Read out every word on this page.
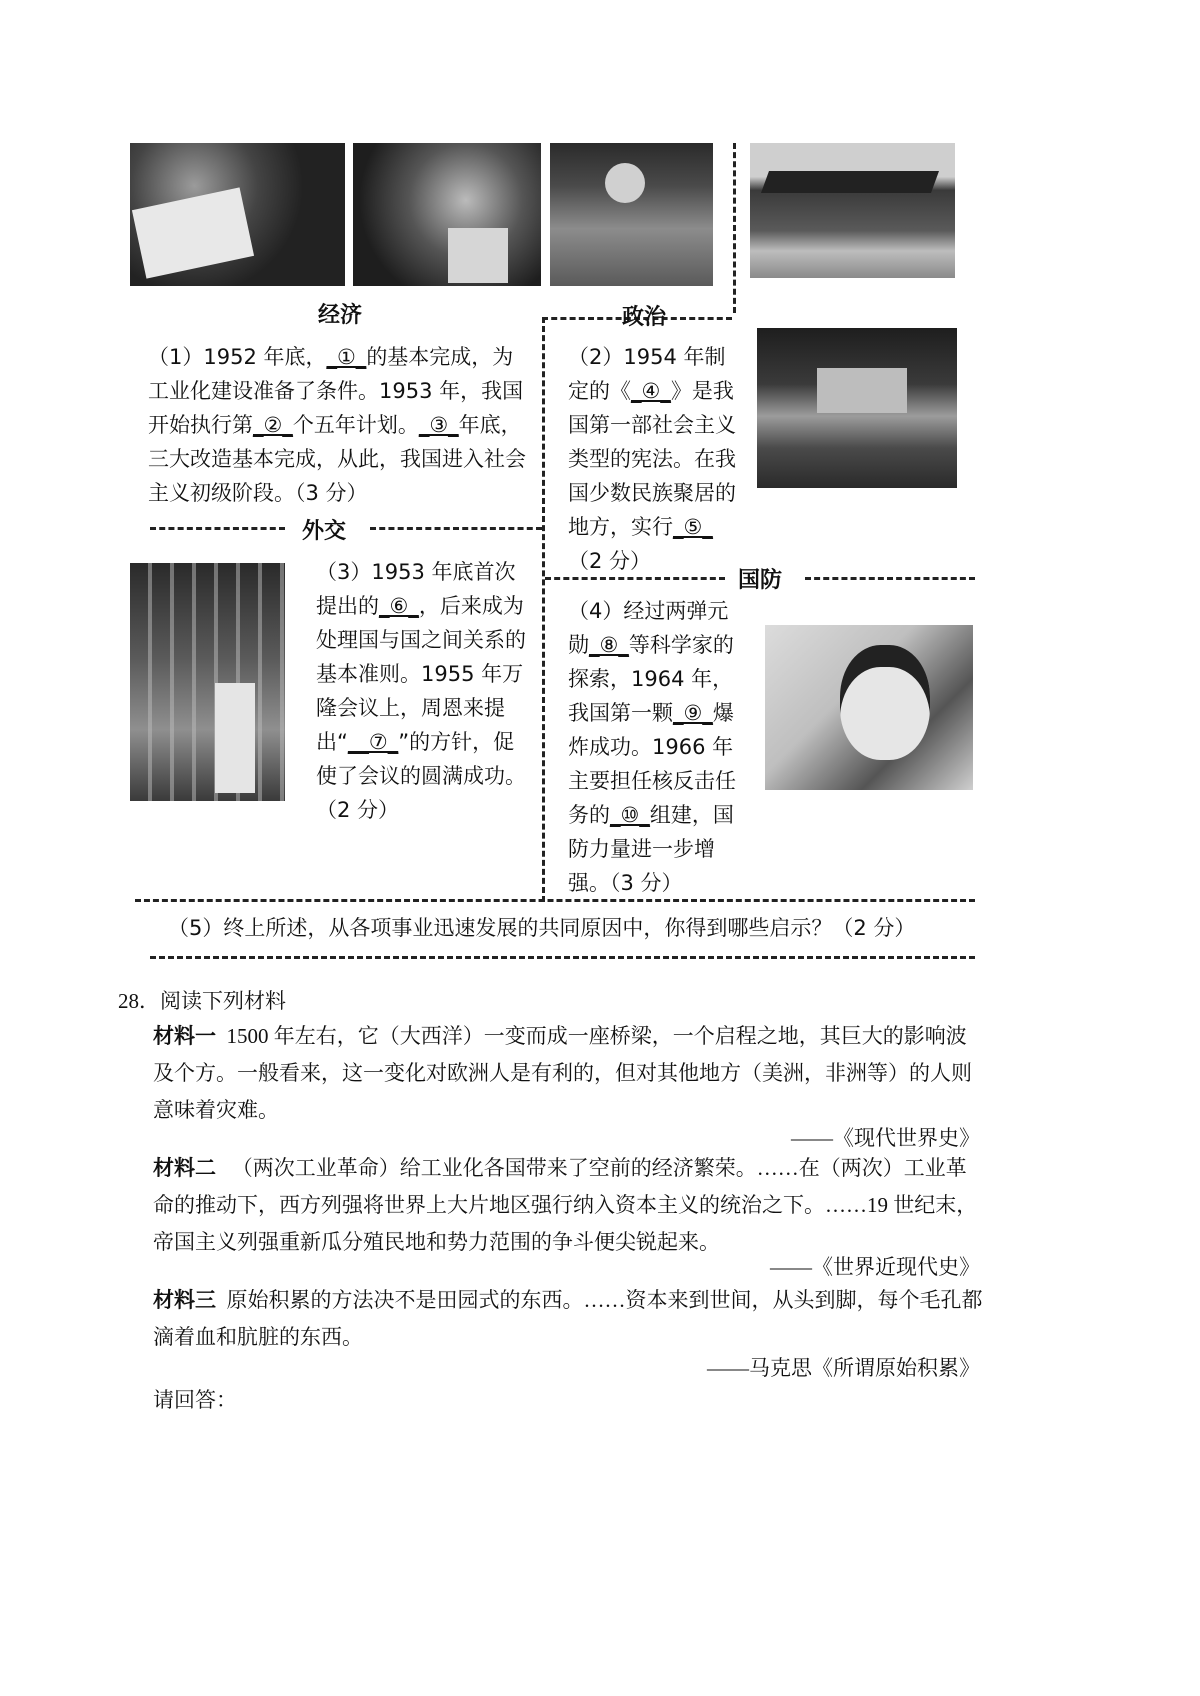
经济
（1）1952 年底，_①_的基本完成，为工业化建设准备了条件。1953 年，我国开始执行第_②_个五年计划。_③_年底，三大改造基本完成，从此，我国进入社会主义初级阶段。（3 分）
政治
（2）1954 年制定的《_④_》是我国第一部社会主义类型的宪法。在我国少数民族聚居的地方，实行_⑤_（2 分）
外交
（3）1953 年底首次提出的_⑥_，后来成为处理国与国之间关系的基本准则。1955 年万隆会议上，周恩来提出“__⑦_”的方针，促使了会议的圆满成功。（2 分）
国防
（4）经过两弹元勋_⑧_等科学家的探索，1964 年，我国第一颗_⑨_爆炸成功。1966 年主要担任核反击任务的_⑩_组建，国防力量进一步增强。（3 分）
（5）终上所述，从各项事业迅速发展的共同原因中，你得到哪些启示？（2 分）
28．阅读下列材料
材料一 1500 年左右，它（大西洋）一变而成一座桥梁，一个启程之地，其巨大的影响波及个方。一般看来，这一变化对欧洲人是有利的，但对其他地方（美洲，非洲等）的人则意味着灾难。
——《现代世界史》
材料二 （两次工业革命）给工业化各国带来了空前的经济繁荣。……在（两次）工业革命的推动下，西方列强将世界上大片地区强行纳入资本主义的统治之下。……19 世纪末，帝国主义列强重新瓜分殖民地和势力范围的争斗便尖锐起来。
——《世界近现代史》
材料三 原始积累的方法决不是田园式的东西。……资本来到世间，从头到脚，每个毛孔都滴着血和肮脏的东西。
——马克思《所谓原始积累》
请回答：
